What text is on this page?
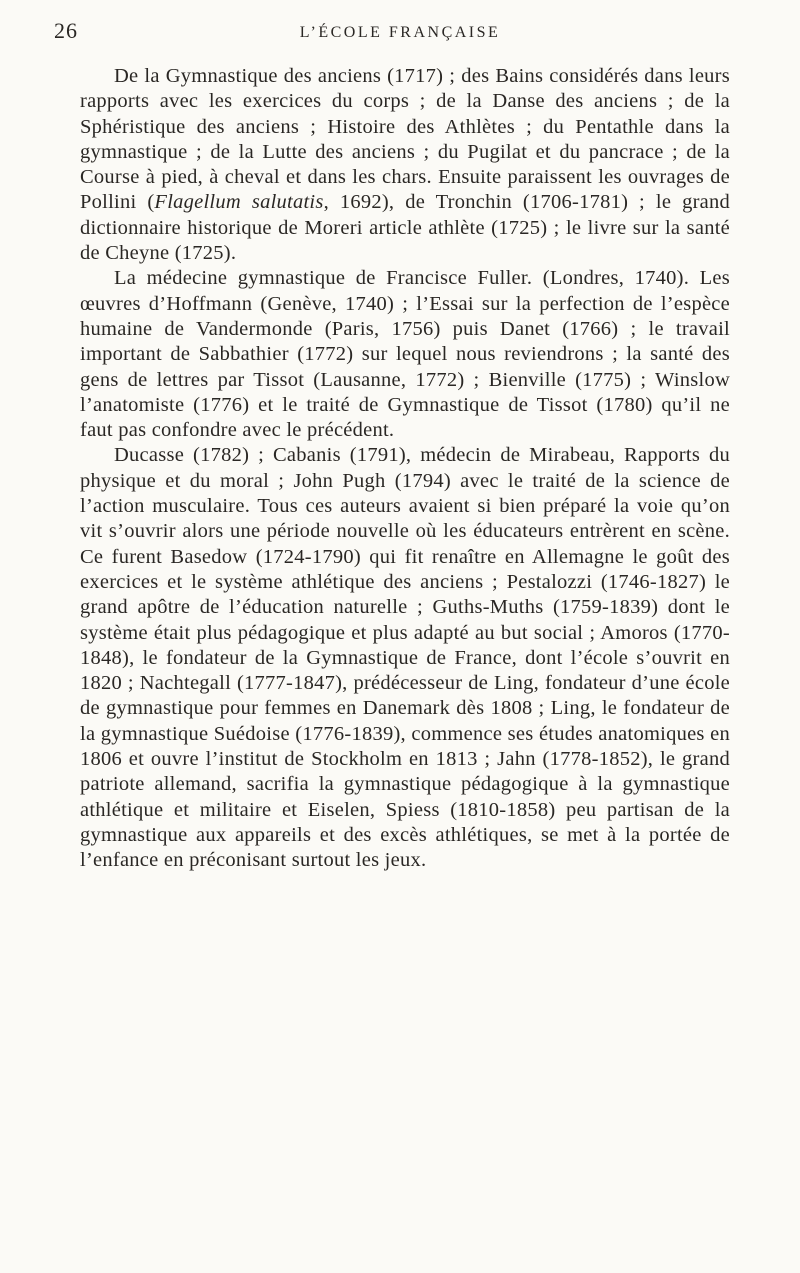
26	L’ÉCOLE FRANÇAISE

De la Gymnastique des anciens (1717) ; des Bains considérés dans leurs rapports avec les exercices du corps ; de la Danse des anciens ; de la Sphéristique des anciens ; Histoire des Athlètes ; du Pentathle dans la gymnastique ; de la Lutte des anciens ; du Pugilat et du pancrace ; de la Course à pied, à cheval et dans les chars. Ensuite paraissent les ouvrages de Pollini (Flagellum salutatis, 1692), de Tronchin (1706-1781) ; le grand dictionnaire historique de Moreri article athlète (1725) ; le livre sur la santé de Cheyne (1725).

La médecine gymnastique de Francisce Fuller. (Londres, 1740). Les œuvres d’Hoffmann (Genève, 1740) ; l’Essai sur la perfection de l’espèce humaine de Vandermonde (Paris, 1756) puis Danet (1766) ; le travail important de Sabbathier (1772) sur lequel nous reviendrons ; la santé des gens de lettres par Tissot (Lausanne, 1772) ; Bienville (1775) ; Winslow l’anatomiste (1776) et le traité de Gymnastique de Tissot (1780) qu’il ne faut pas confondre avec le précédent.

Ducasse (1782) ; Cabanis (1791), médecin de Mirabeau, Rapports du physique et du moral ; John Pugh (1794) avec le traité de la science de l’action musculaire. Tous ces auteurs avaient si bien préparé la voie qu’on vit s’ouvrir alors une période nouvelle où les éducateurs entrèrent en scène. Ce furent Basedow (1724-1790) qui fit renaître en Allemagne le goût des exercices et le système athlétique des anciens ; Pestalozzi (1746-1827) le grand apôtre de l’éducation naturelle ; Guths-Muths (1759-1839) dont le système était plus pédagogique et plus adapté au but social ; Amoros (1770-1848), le fondateur de la Gymnastique de France, dont l’école s’ouvrit en 1820 ; Nachtegall (1777-1847), prédécesseur de Ling, fondateur d’une école de gymnastique pour femmes en Danemark dès 1808 ; Ling, le fondateur de la gymnastique Suédoise (1776-1839), commence ses études anatomiques en 1806 et ouvre l’institut de Stockholm en 1813 ; Jahn (1778-1852), le grand patriote allemand, sacrifia la gymnastique pédagogique à la gymnastique athlétique et militaire et Eiselen, Spiess (1810-1858) peu partisan de la gymnastique aux appareils et des excès athlétiques, se met à la portée de l’enfance en préconisant surtout les jeux.
